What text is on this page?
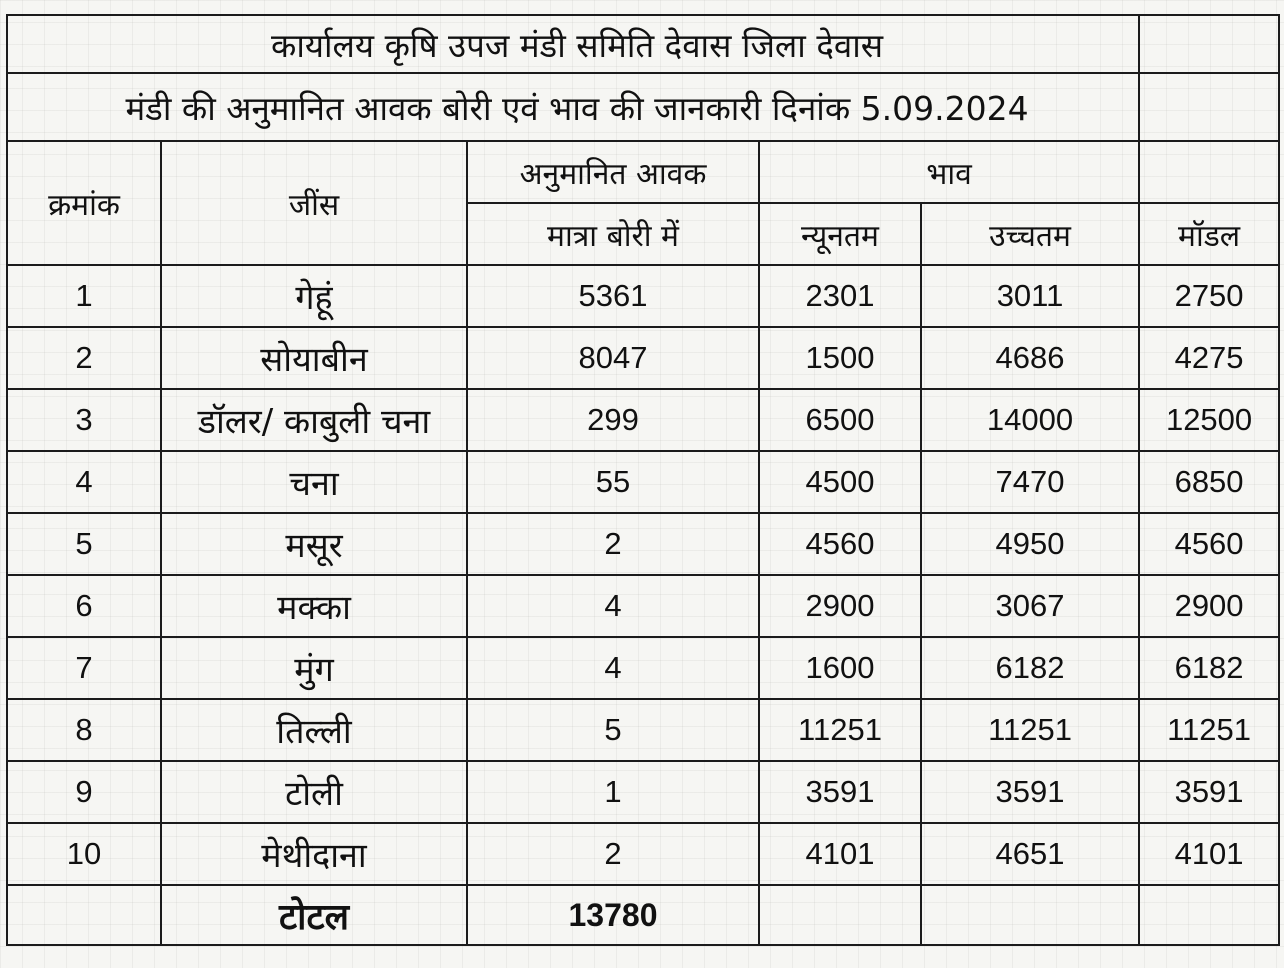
कार्यालय कृषि उपज मंडी समिति देवास जिला देवास					
मंडी की अनुमानित आवक बोरी एवं भाव की जानकारी दिनांक 5.09.2024					
क्रमांक	जींस	अनुमानित आवक	भाव		
		मात्रा बोरी में	न्यूनतम	उच्चतम	मॉडल
1	गेहूं	5361	2301	3011	2750
2	सोयाबीन	8047	1500	4686	4275
3	डॉलर/ काबुली चना	299	6500	14000	12500
4	चना	55	4500	7470	6850
5	मसूर	2	4560	4950	4560
6	मक्का	4	2900	3067	2900
7	मुंग	4	1600	6182	6182
8	तिल्ली	5	11251	11251	11251
9	टोली	1	3591	3591	3591
10	मेथीदाना	2	4101	4651	4101
	टोटल	13780			
